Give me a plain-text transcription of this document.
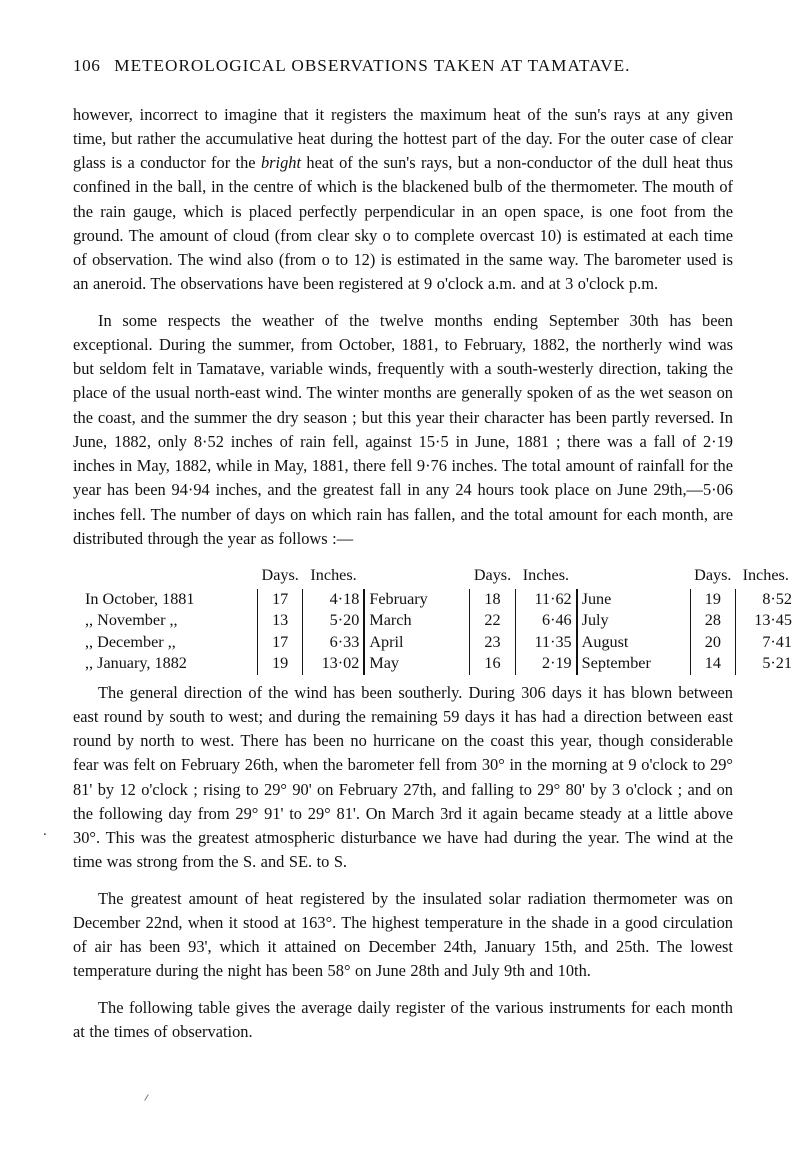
106 METEOROLOGICAL OBSERVATIONS TAKEN AT TAMATAVE.

however, incorrect to imagine that it registers the maximum heat of the sun's rays at any given time, but rather the accumulative heat during the hottest part of the day. For the outer case of clear glass is a conductor for the bright heat of the sun's rays, but a non-conductor of the dull heat thus confined in the ball, in the centre of which is the blackened bulb of the thermometer. The mouth of the rain gauge, which is placed perfectly perpendicular in an open space, is one foot from the ground. The amount of cloud (from clear sky o to complete overcast 10) is estimated at each time of observation. The wind also (from o to 12) is estimated in the same way. The barometer used is an aneroid. The observations have been registered at 9 o'clock a.m. and at 3 o'clock p.m.

In some respects the weather of the twelve months ending September 30th has been exceptional. During the summer, from October, 1881, to February, 1882, the northerly wind was but seldom felt in Tamatave, variable winds, frequently with a south-westerly direction, taking the place of the usual north-east wind. The winter months are generally spoken of as the wet season on the coast, and the summer the dry season ; but this year their character has been partly reversed. In June, 1882, only 8·52 inches of rain fell, against 15·5 in June, 1881 ; there was a fall of 2·19 inches in May, 1882, while in May, 1881, there fell 9·76 inches. The total amount of rainfall for the year has been 94·94 inches, and the greatest fall in any 24 hours took place on June 29th,—5·06 inches fell. The number of days on which rain has fallen, and the total amount for each month, are distributed through the year as follows :—

	Days.	Inches.		Days.	Inches.		Days.	Inches.
In October, 1881	17	4·18	February	18	11·62	June	19	8·52
,, November ,,	13	5·20	March	22	6·46	July	28	13·45
,, December ,,	17	6·33	April	23	11·35	August	20	7·41
,, January, 1882	19	13·02	May	16	2·19	September	14	5·21

The general direction of the wind has been southerly. During 306 days it has blown between east round by south to west; and during the remaining 59 days it has had a direction between east round by north to west. There has been no hurricane on the coast this year, though considerable fear was felt on February 26th, when the barometer fell from 30° in the morning at 9 o'clock to 29° 81' by 12 o'clock ; rising to 29° 90' on February 27th, and falling to 29° 80' by 3 o'clock ; and on the following day from 29° 91' to 29° 81'. On March 3rd it again became steady at a little above 30°. This was the greatest atmospheric disturbance we have had during the year. The wind at the time was strong from the S. and SE. to S.

The greatest amount of heat registered by the insulated solar radiation thermometer was on December 22nd, when it stood at 163°. The highest temperature in the shade in a good circulation of air has been 93', which it attained on December 24th, January 15th, and 25th. The lowest temperature during the night has been 58° on June 28th and July 9th and 10th.

The following table gives the average daily register of the various instruments for each month at the times of observation.

.
